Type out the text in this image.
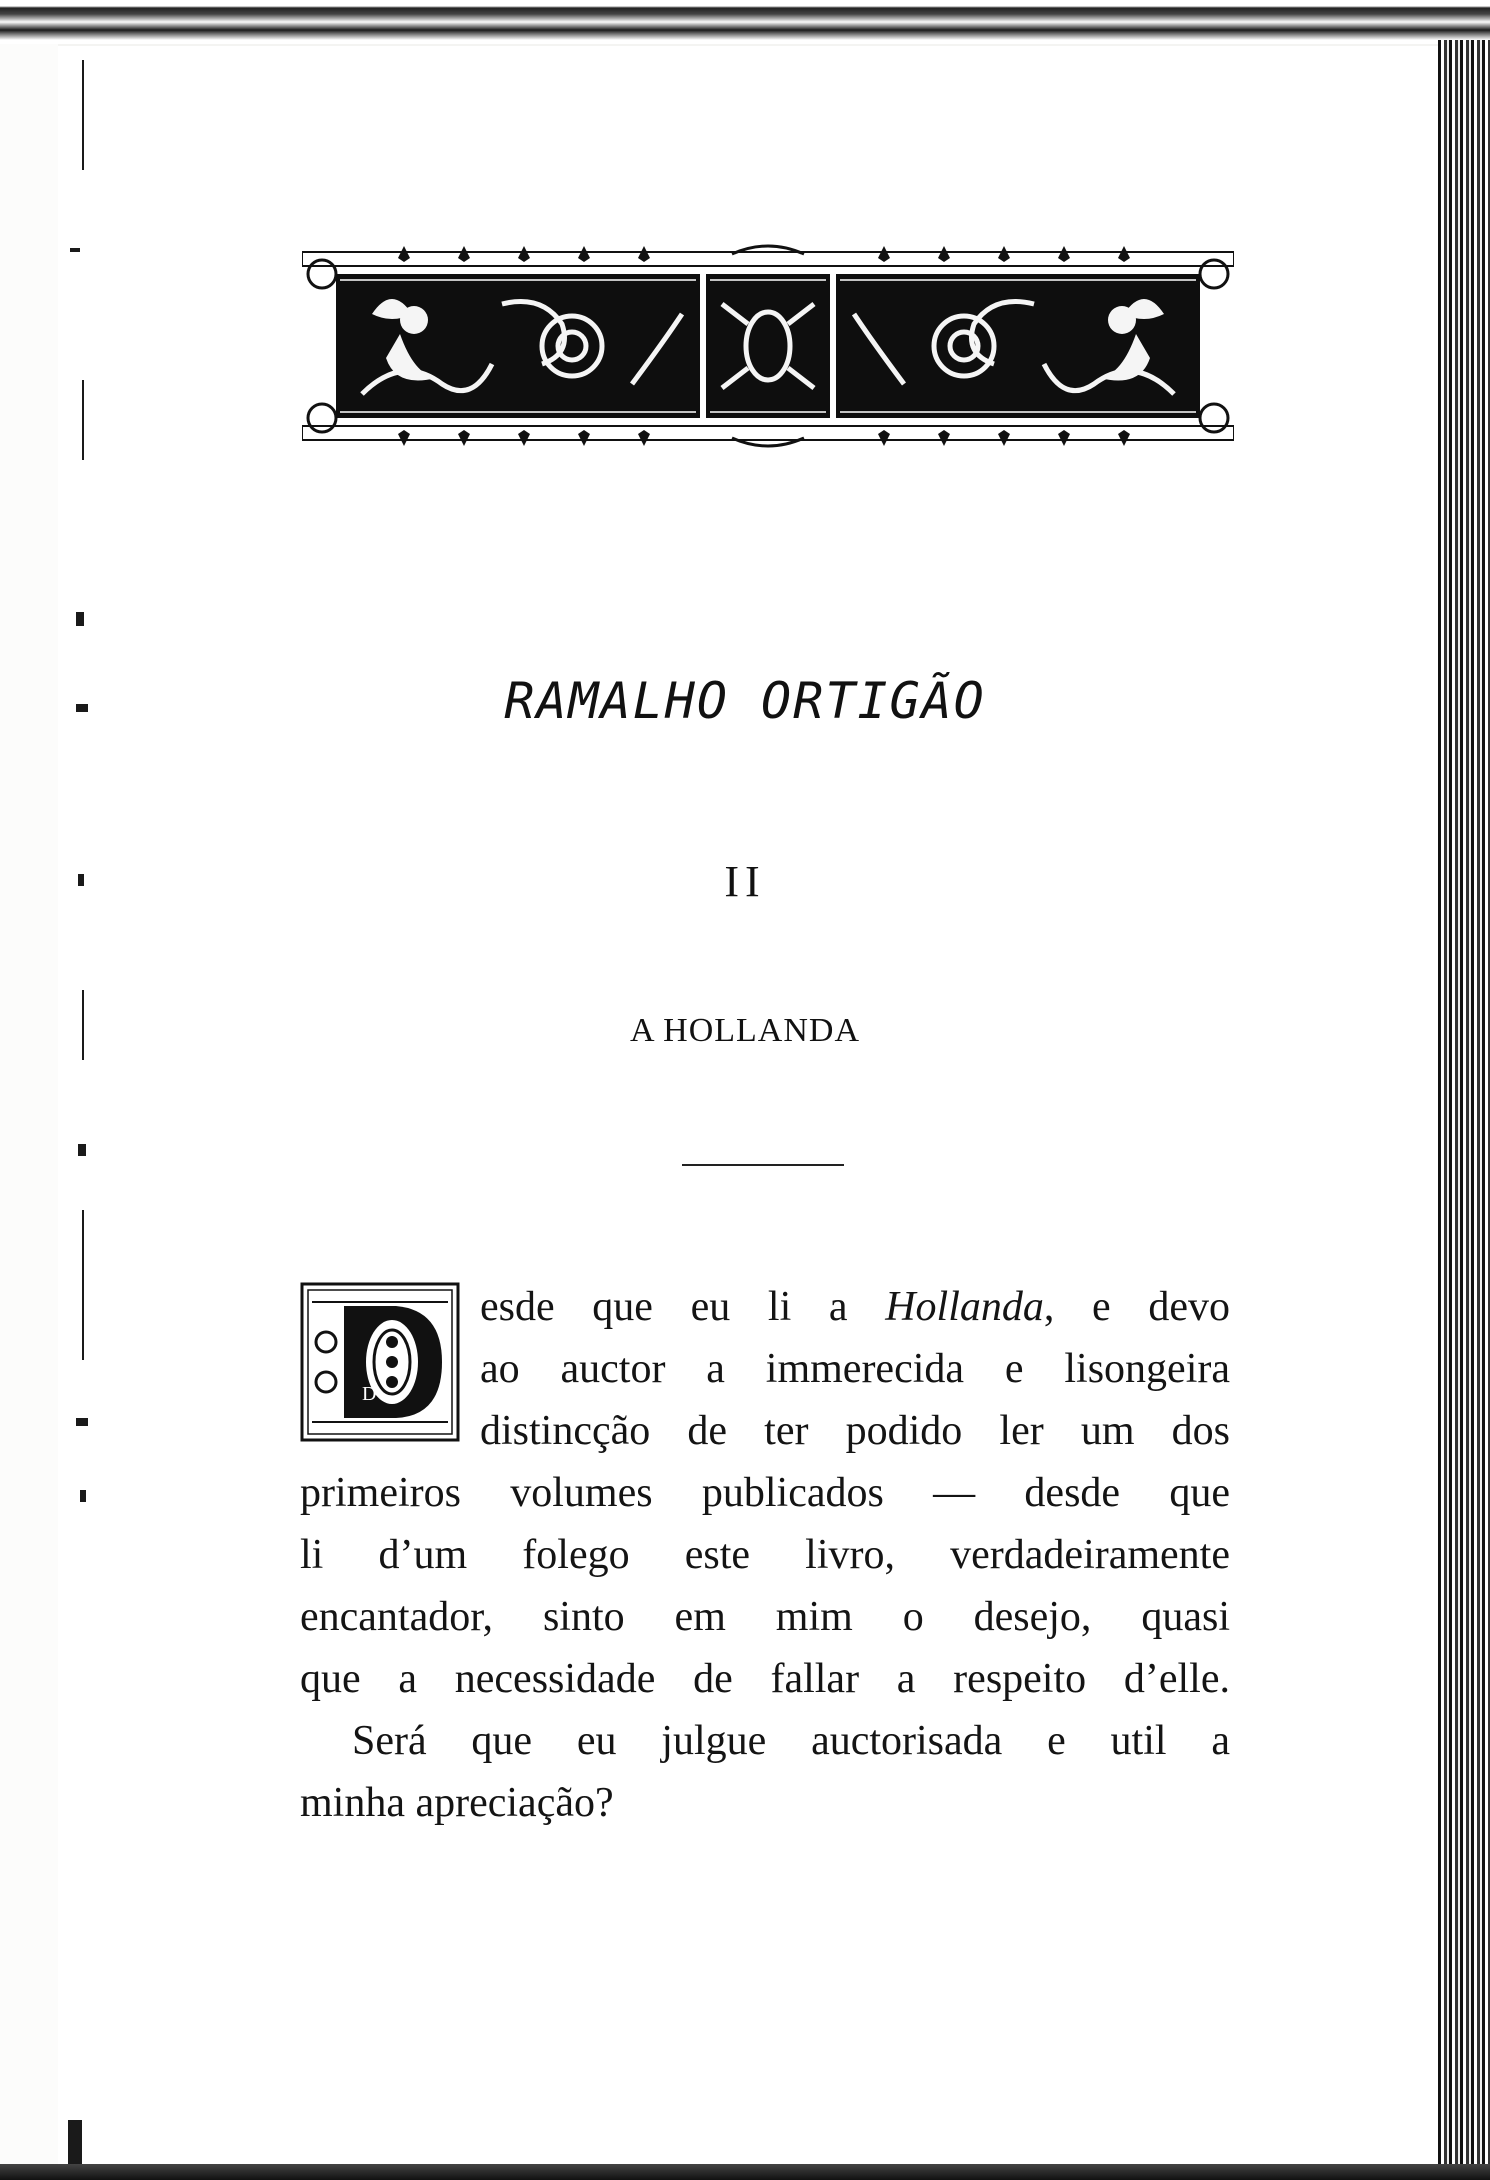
RAMALHO ORTIGÃO
II
A HOLLANDA
D
esde que eu li a Hollanda, e devo
ao auctor a immerecida e lisongeira
distincção de ter podido ler um dos
primeiros volumes publicados — desde que
li d’um folego este livro, verdadeiramente
encantador, sinto em mim o desejo, quasi
que a necessidade de fallar a respeito d’elle.
Será que eu julgue auctorisada e util a
minha apreciação?
